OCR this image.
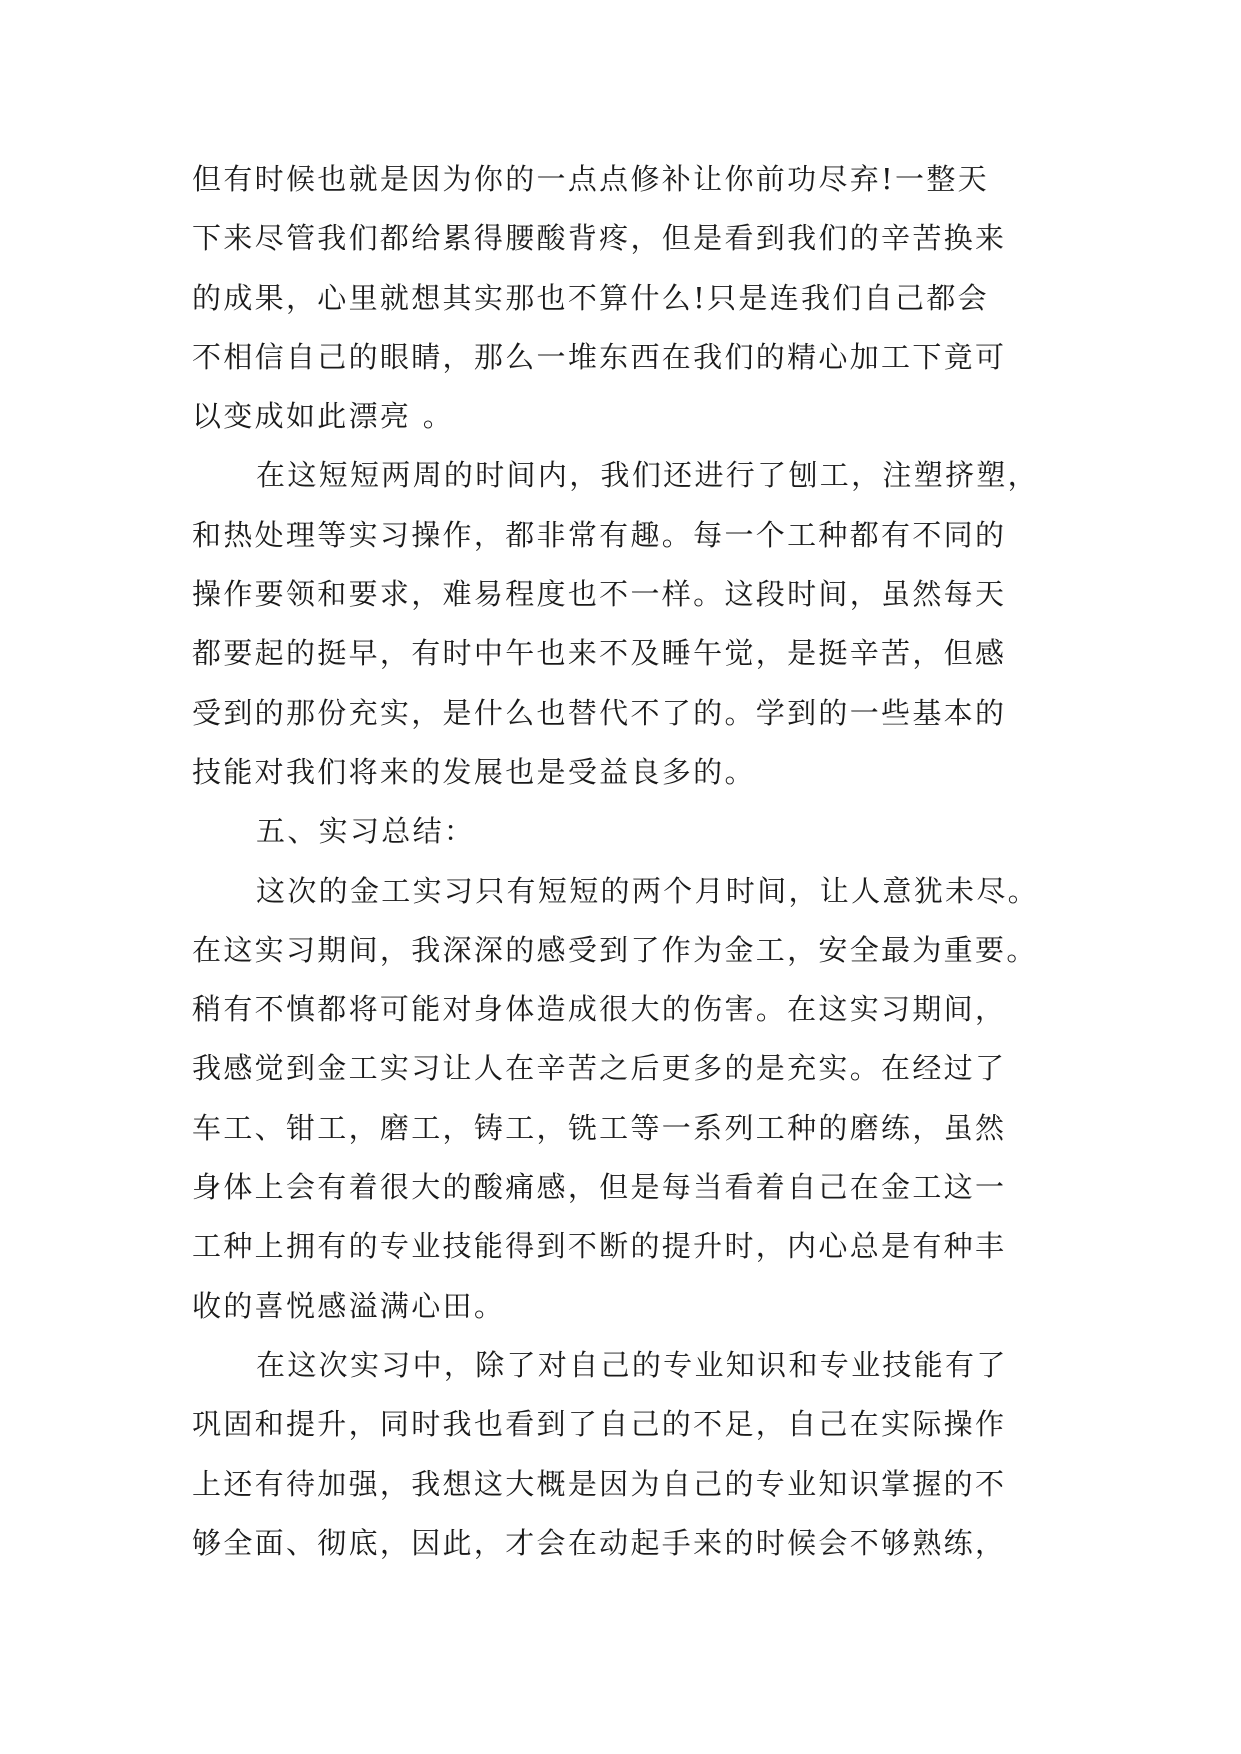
但有时候也就是因为你的一点点修补让你前功尽弃!一整天
下来尽管我们都给累得腰酸背疼，但是看到我们的辛苦换来
的成果，心里就想其实那也不算什么!只是连我们自己都会
不相信自己的眼睛，那么一堆东西在我们的精心加工下竟可
以变成如此漂亮 。
在这短短两周的时间内，我们还进行了刨工，注塑挤塑，
和热处理等实习操作，都非常有趣。每一个工种都有不同的
操作要领和要求，难易程度也不一样。这段时间，虽然每天
都要起的挺早，有时中午也来不及睡午觉，是挺辛苦，但感
受到的那份充实，是什么也替代不了的。学到的一些基本的
技能对我们将来的发展也是受益良多的。
五、实习总结：
这次的金工实习只有短短的两个月时间，让人意犹未尽。
在这实习期间，我深深的感受到了作为金工，安全最为重要。
稍有不慎都将可能对身体造成很大的伤害。在这实习期间，
我感觉到金工实习让人在辛苦之后更多的是充实。在经过了
车工、钳工，磨工，铸工，铣工等一系列工种的磨练，虽然
身体上会有着很大的酸痛感，但是每当看着自己在金工这一
工种上拥有的专业技能得到不断的提升时，内心总是有种丰
收的喜悦感溢满心田。
在这次实习中，除了对自己的专业知识和专业技能有了
巩固和提升，同时我也看到了自己的不足，自己在实际操作
上还有待加强，我想这大概是因为自己的专业知识掌握的不
够全面、彻底，因此，才会在动起手来的时候会不够熟练，
